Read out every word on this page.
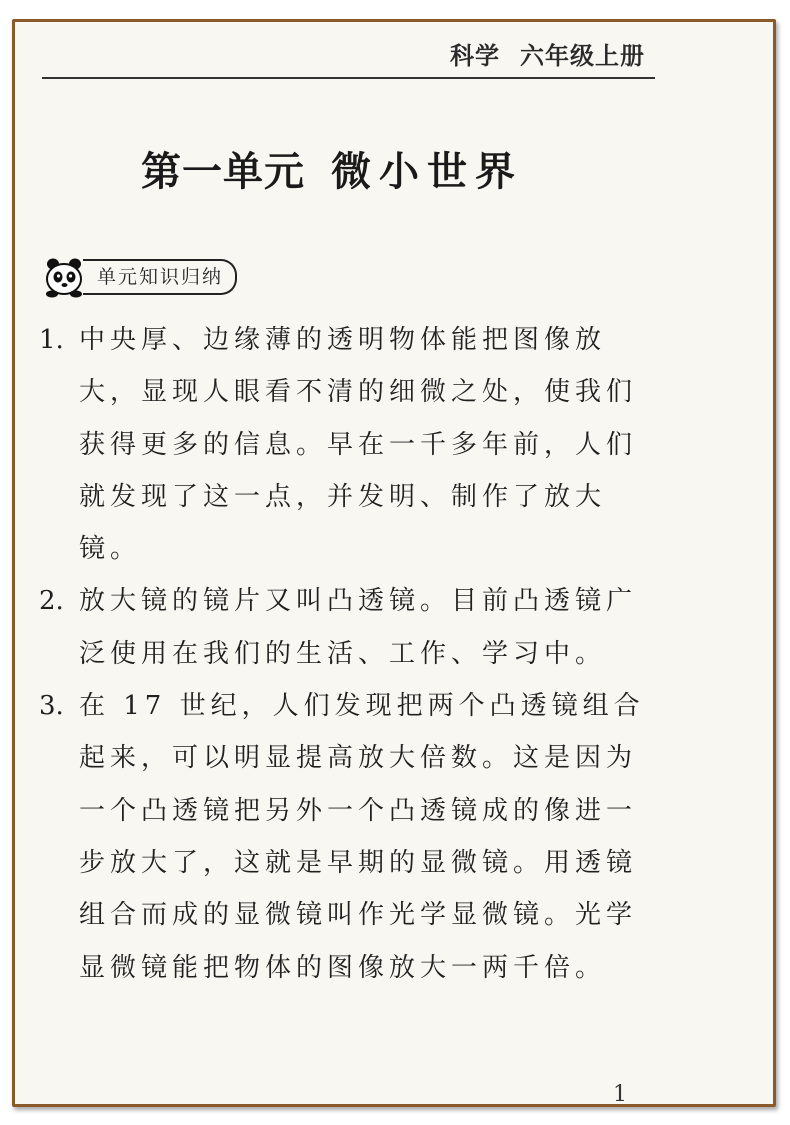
科学 六年级上册
第一单元 微小世界
单元知识归纳
1. 中央厚、边缘薄的透明物体能把图像放大，显现人眼看不清的细微之处，使我们获得更多的信息。早在一千多年前，人们就发现了这一点，并发明、制作了放大镜。
2. 放大镜的镜片又叫凸透镜。目前凸透镜广泛使用在我们的生活、工作、学习中。
3. 在 17 世纪，人们发现把两个凸透镜组合起来，可以明显提高放大倍数。这是因为一个凸透镜把另外一个凸透镜成的像进一步放大了，这就是早期的显微镜。用透镜组合而成的显微镜叫作光学显微镜。光学显微镜能把物体的图像放大一两千倍。
1
